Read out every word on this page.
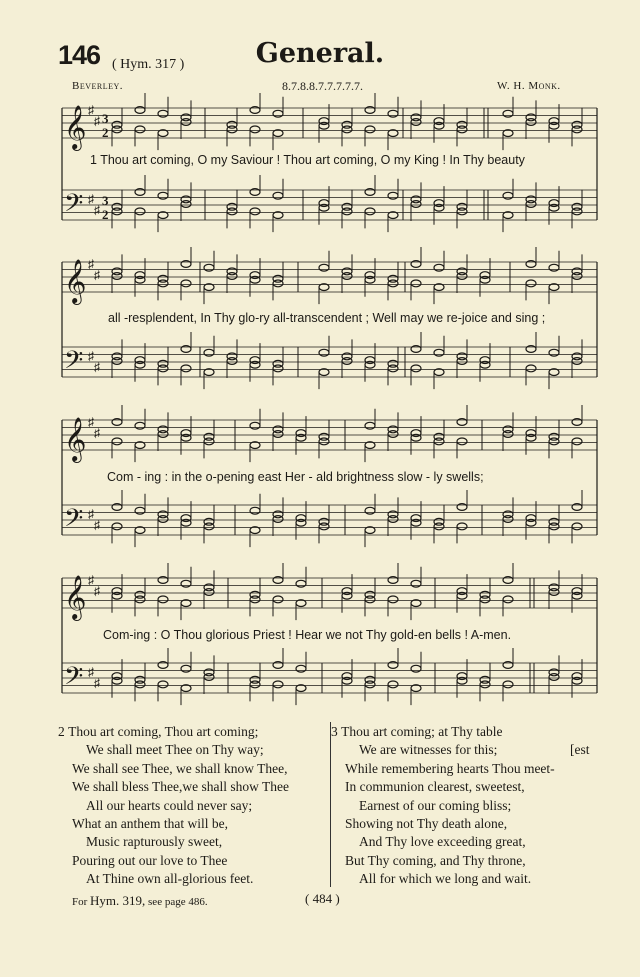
146 ( Hym. 317 )	General.
Beverley.	8.7.8.8.7.7.7.7.7.	W. H. Monk.
𝄞 ♯
♯ 3
2
𝄢 ♯
♯
3
2
𝄞 ♯
♯
𝄢 ♯
♯
𝄞 ♯
♯
𝄢 ♯
♯
𝄞 ♯
♯
𝄢 ♯
♯
1 Thou art coming, O my Saviour ! Thou art coming, O my King ! In Thy beauty
all -resplendent, In Thy glo-ry all-transcendent ; Well may we re-joice and sing ;
Com - ing : in the o-pening east Her - ald brightness slow - ly swells;
Com-ing : O Thou glorious Priest ! Hear we not Thy gold-en bells ! A-men.
2 Thou art coming, Thou art coming;
We shall meet Thee on Thy way;
We shall see Thee, we shall know Thee,
We shall bless Thee,we shall show Thee
All our hearts could never say;
What an anthem that will be,
Music rapturously sweet,
Pouring out our love to Thee
At Thine own all-glorious feet.
3 Thou art coming; at Thy table
We are witnesses for this;
While remembering hearts Thou meet-
In communion clearest, sweetest,
Earnest of our coming bliss;
Showing not Thy death alone,
And Thy love exceeding great,
But Thy coming, and Thy throne,
All for which we long and wait.
[est
For Hym. 319, see page 486.	( 484 )
